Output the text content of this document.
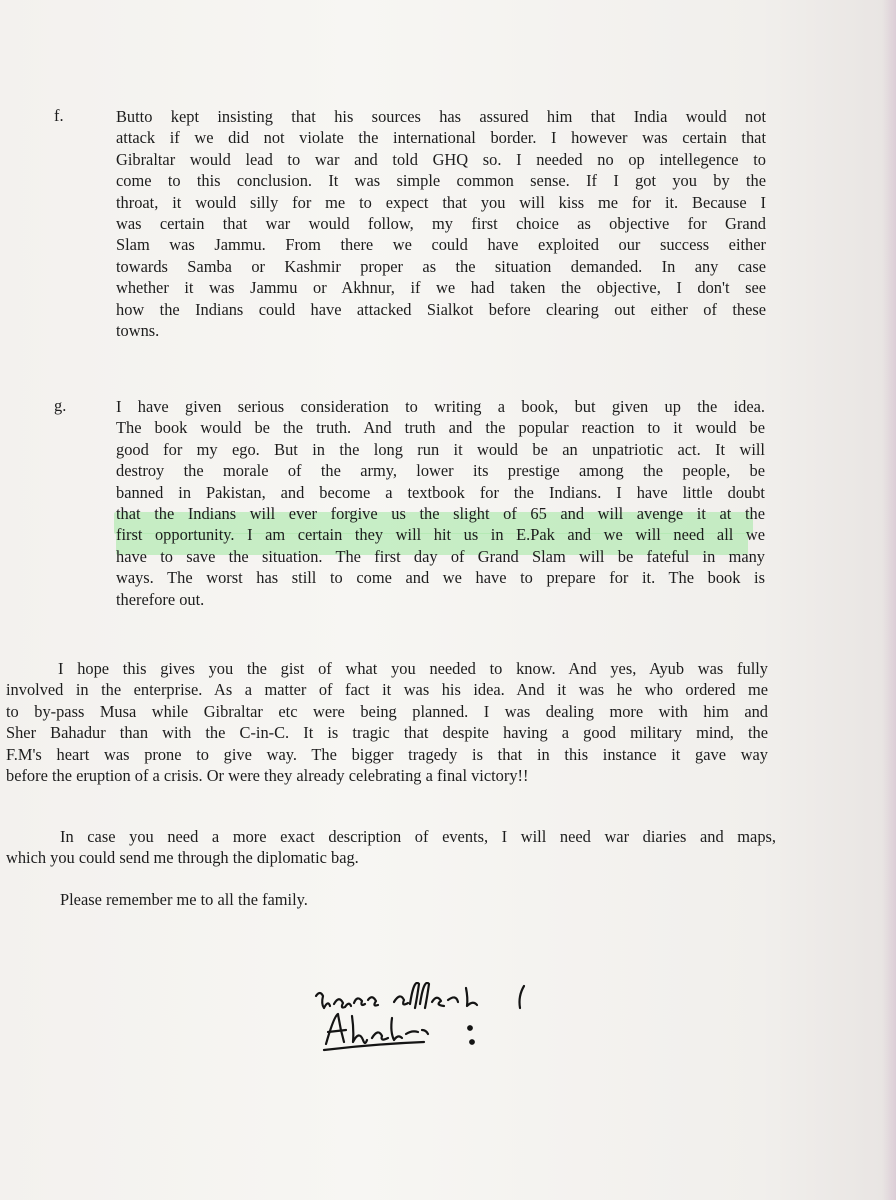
f.	Butto kept insisting that his sources has assured him that India would not
attack if we did not violate the international border. I however was certain that
Gibraltar would lead to war and told GHQ so. I needed no op intellegence to
come to this conclusion. It was simple common sense. If I got you by the
throat, it would silly for me to expect that you will kiss me for it. Because I
was certain that war would follow, my first choice as objective for Grand
Slam was Jammu. From there we could have exploited our success either
towards Samba or Kashmir proper as the situation demanded. In any case
whether it was Jammu or Akhnur, if we had taken the objective, I don't see
how the Indians could have attacked Sialkot before clearing out either of these
towns.
g.	I have given serious consideration to writing a book, but given up the idea.
The book would be the truth. And truth and the popular reaction to it would be
good for my ego. But in the long run it would be an unpatriotic act. It will
destroy the morale of the army, lower its prestige among the people, be
banned in Pakistan, and become a textbook for the Indians. I have little doubt
that the Indians will ever forgive us the slight of 65 and will avenge it at the
first opportunity. I am certain they will hit us in E.Pak and we will need all we
have to save the situation. The first day of Grand Slam will be fateful in many
ways. The worst has still to come and we have to prepare for it. The book is
therefore out.
I hope this gives you the gist of what you needed to know. And yes, Ayub was fully
involved in the enterprise. As a matter of fact it was his idea. And it was he who ordered me
to by-pass Musa while Gibraltar etc were being planned. I was dealing more with him and
Sher Bahadur than with the C-in-C. It is tragic that despite having a good military mind, the
F.M's heart was prone to give way. The bigger tragedy is that in this instance it gave way
before the eruption of a crisis. Or were they already celebrating a final victory!!
In case you need a more exact description of events, I will need war diaries and maps,
which you could send me through the diplomatic bag.
Please remember me to all the family.
